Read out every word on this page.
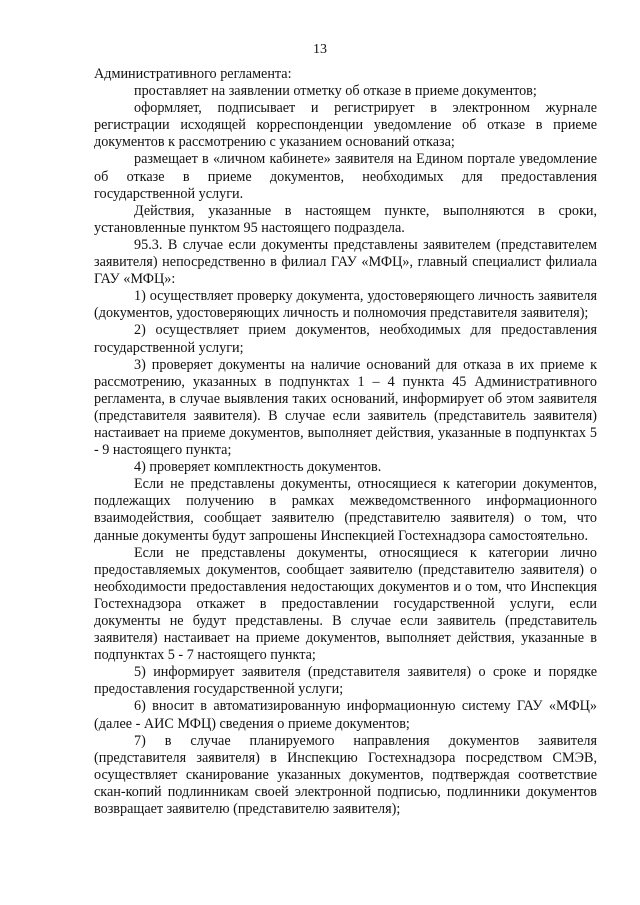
13

Административного регламента:

проставляет на заявлении отметку об отказе в приеме документов;

оформляет, подписывает и регистрирует в электронном журнале регистрации исходящей корреспонденции уведомление об отказе в приеме документов к рассмотрению с указанием оснований отказа;

размещает в «личном кабинете» заявителя на Едином портале уведомление об отказе в приеме документов, необходимых для предоставления государственной услуги.

Действия, указанные в настоящем пункте, выполняются в сроки, установленные пунктом 95 настоящего подраздела.

95.3. В случае если документы представлены заявителем (представителем заявителя) непосредственно в филиал ГАУ «МФЦ», главный специалист филиала ГАУ «МФЦ»:

1) осуществляет проверку документа, удостоверяющего личность заявителя (документов, удостоверяющих личность и полномочия представителя заявителя);

2) осуществляет прием документов, необходимых для предоставления государственной услуги;

3) проверяет документы на наличие оснований для отказа в их приеме к рассмотрению, указанных в подпунктах 1 – 4 пункта 45 Административного регламента, в случае выявления таких оснований, информирует об этом заявителя (представителя заявителя). В случае если заявитель (представитель заявителя) настаивает на приеме документов, выполняет действия, указанные в подпунктах 5 - 9 настоящего пункта;

4) проверяет комплектность документов.

Если не представлены документы, относящиеся к категории документов, подлежащих получению в рамках межведомственного информационного взаимодействия, сообщает заявителю (представителю заявителя) о том, что данные документы будут запрошены Инспекцией Гостехнадзора самостоятельно.

Если не представлены документы, относящиеся к категории лично предоставляемых документов, сообщает заявителю (представителю заявителя) о необходимости предоставления недостающих документов и о том, что Инспекция Гостехнадзора откажет в предоставлении государственной услуги, если документы не будут представлены. В случае если заявитель (представитель заявителя) настаивает на приеме документов, выполняет действия, указанные в подпунктах 5 - 7 настоящего пункта;

5) информирует заявителя (представителя заявителя) о сроке и порядке предоставления государственной услуги;

6) вносит в автоматизированную информационную систему ГАУ «МФЦ» (далее - АИС МФЦ) сведения о приеме документов;

7) в случае планируемого направления документов заявителя (представителя заявителя) в Инспекцию Гостехнадзора посредством СМЭВ, осуществляет сканирование указанных документов, подтверждая соответствие скан-копий подлинникам своей электронной подписью, подлинники документов возвращает заявителю (представителю заявителя);
